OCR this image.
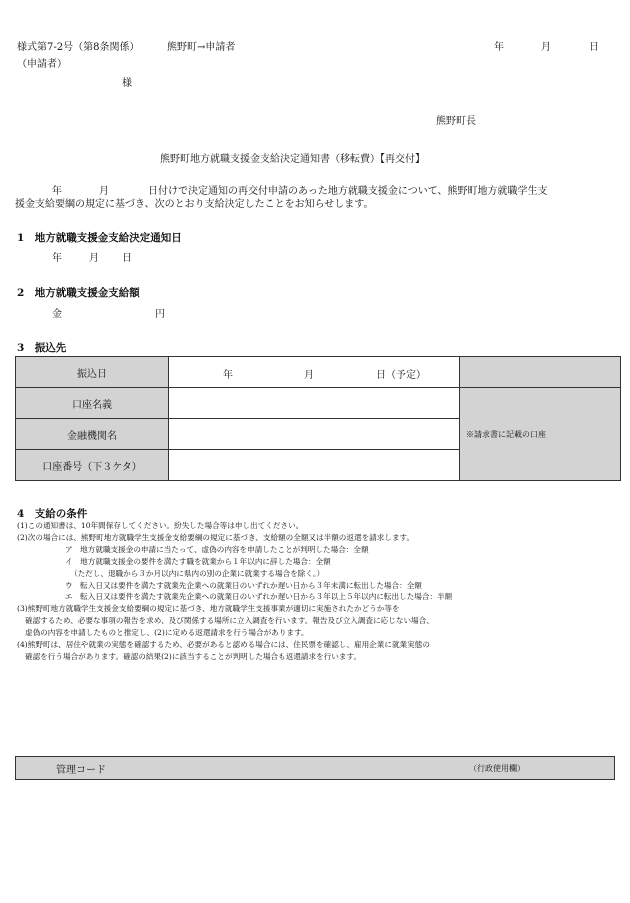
様式第7-2号（第8条関係）	熊野町→申請者	年	月	日
（申請者）
様
熊野町長
熊野町地方就職支援金支給決定通知書（移転費）【再交付】
年	月	日付けで決定通知の再交付申請のあった地方就職支援金について、熊野町地方就職学生支
援金支給要綱の規定に基づき、次のとおり支給決定したことをお知らせします。
1　地方就職支援金支給決定通知日
年	月 日
2　地方就職支援金支給額
金	円
3　振込先
振込日	年 月 日（予定）	

口座名義		※請求書に記載の口座
金融機関名		
口座番号（下３ケタ）		
4　支給の条件
(1)この通知書は、10年間保存してください。紛失した場合等は申し出てください。
(2)次の場合には、熊野町地方就職学生支援金支給要綱の規定に基づき、支給額の全額又は半額の返還を請求します。
ア　地方就職支援金の申請に当たって、虚偽の内容を申請したことが判明した場合：全額
イ　地方就職支援金の要件を満たす職を就業から１年以内に辞した場合：全額
（ただし、退職から３か月以内に県内の別の企業に就業する場合を除く。）
ウ　転入日又は要件を満たす就業先企業への就業日のいずれか遅い日から３年未満に転出した場合：全額
エ　転入日又は要件を満たす就業先企業への就業日のいずれか遅い日から３年以上５年以内に転出した場合：半額
(3)熊野町地方就職学生支援金支給要綱の規定に基づき、地方就職学生支援事業が適切に実施されたかどうか等を
確認するため、必要な事項の報告を求め、及び関係する場所に立入調査を行います。報告及び立入調査に応じない場合、
虚偽の内容を申請したものと推定し、(2)に定める返還請求を行う場合があります。
(4)熊野町は、居住や就業の実態を確認するため、必要があると認める場合には、住民票を確認し、雇用企業に就業実態の
確認を行う場合があります。確認の結果(2)に該当することが判明した場合も返還請求を行います。
管理コード	（行政使用欄）
